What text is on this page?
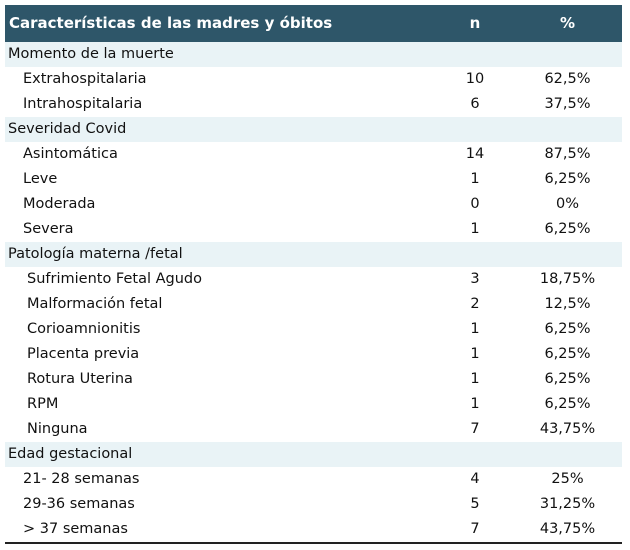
Características de las madres y óbitos	n	%
Momento de la muerte
Extrahospitalaria	10	62,5%
Intrahospitalaria	6	37,5%
Severidad Covid
Asintomática	14	87,5%
Leve	1	6,25%
Moderada	0	0%
Severa	1	6,25%
Patología materna /fetal
Sufrimiento Fetal Agudo	3	18,75%
Malformación fetal	2	12,5%
Corioamnionitis	1	6,25%
Placenta previa	1	6,25%
Rotura Uterina	1	6,25%
RPM	1	6,25%
Ninguna	7	43,75%
Edad gestacional
21- 28 semanas	4	25%
29-36 semanas	5	31,25%
> 37 semanas	7	43,75%
